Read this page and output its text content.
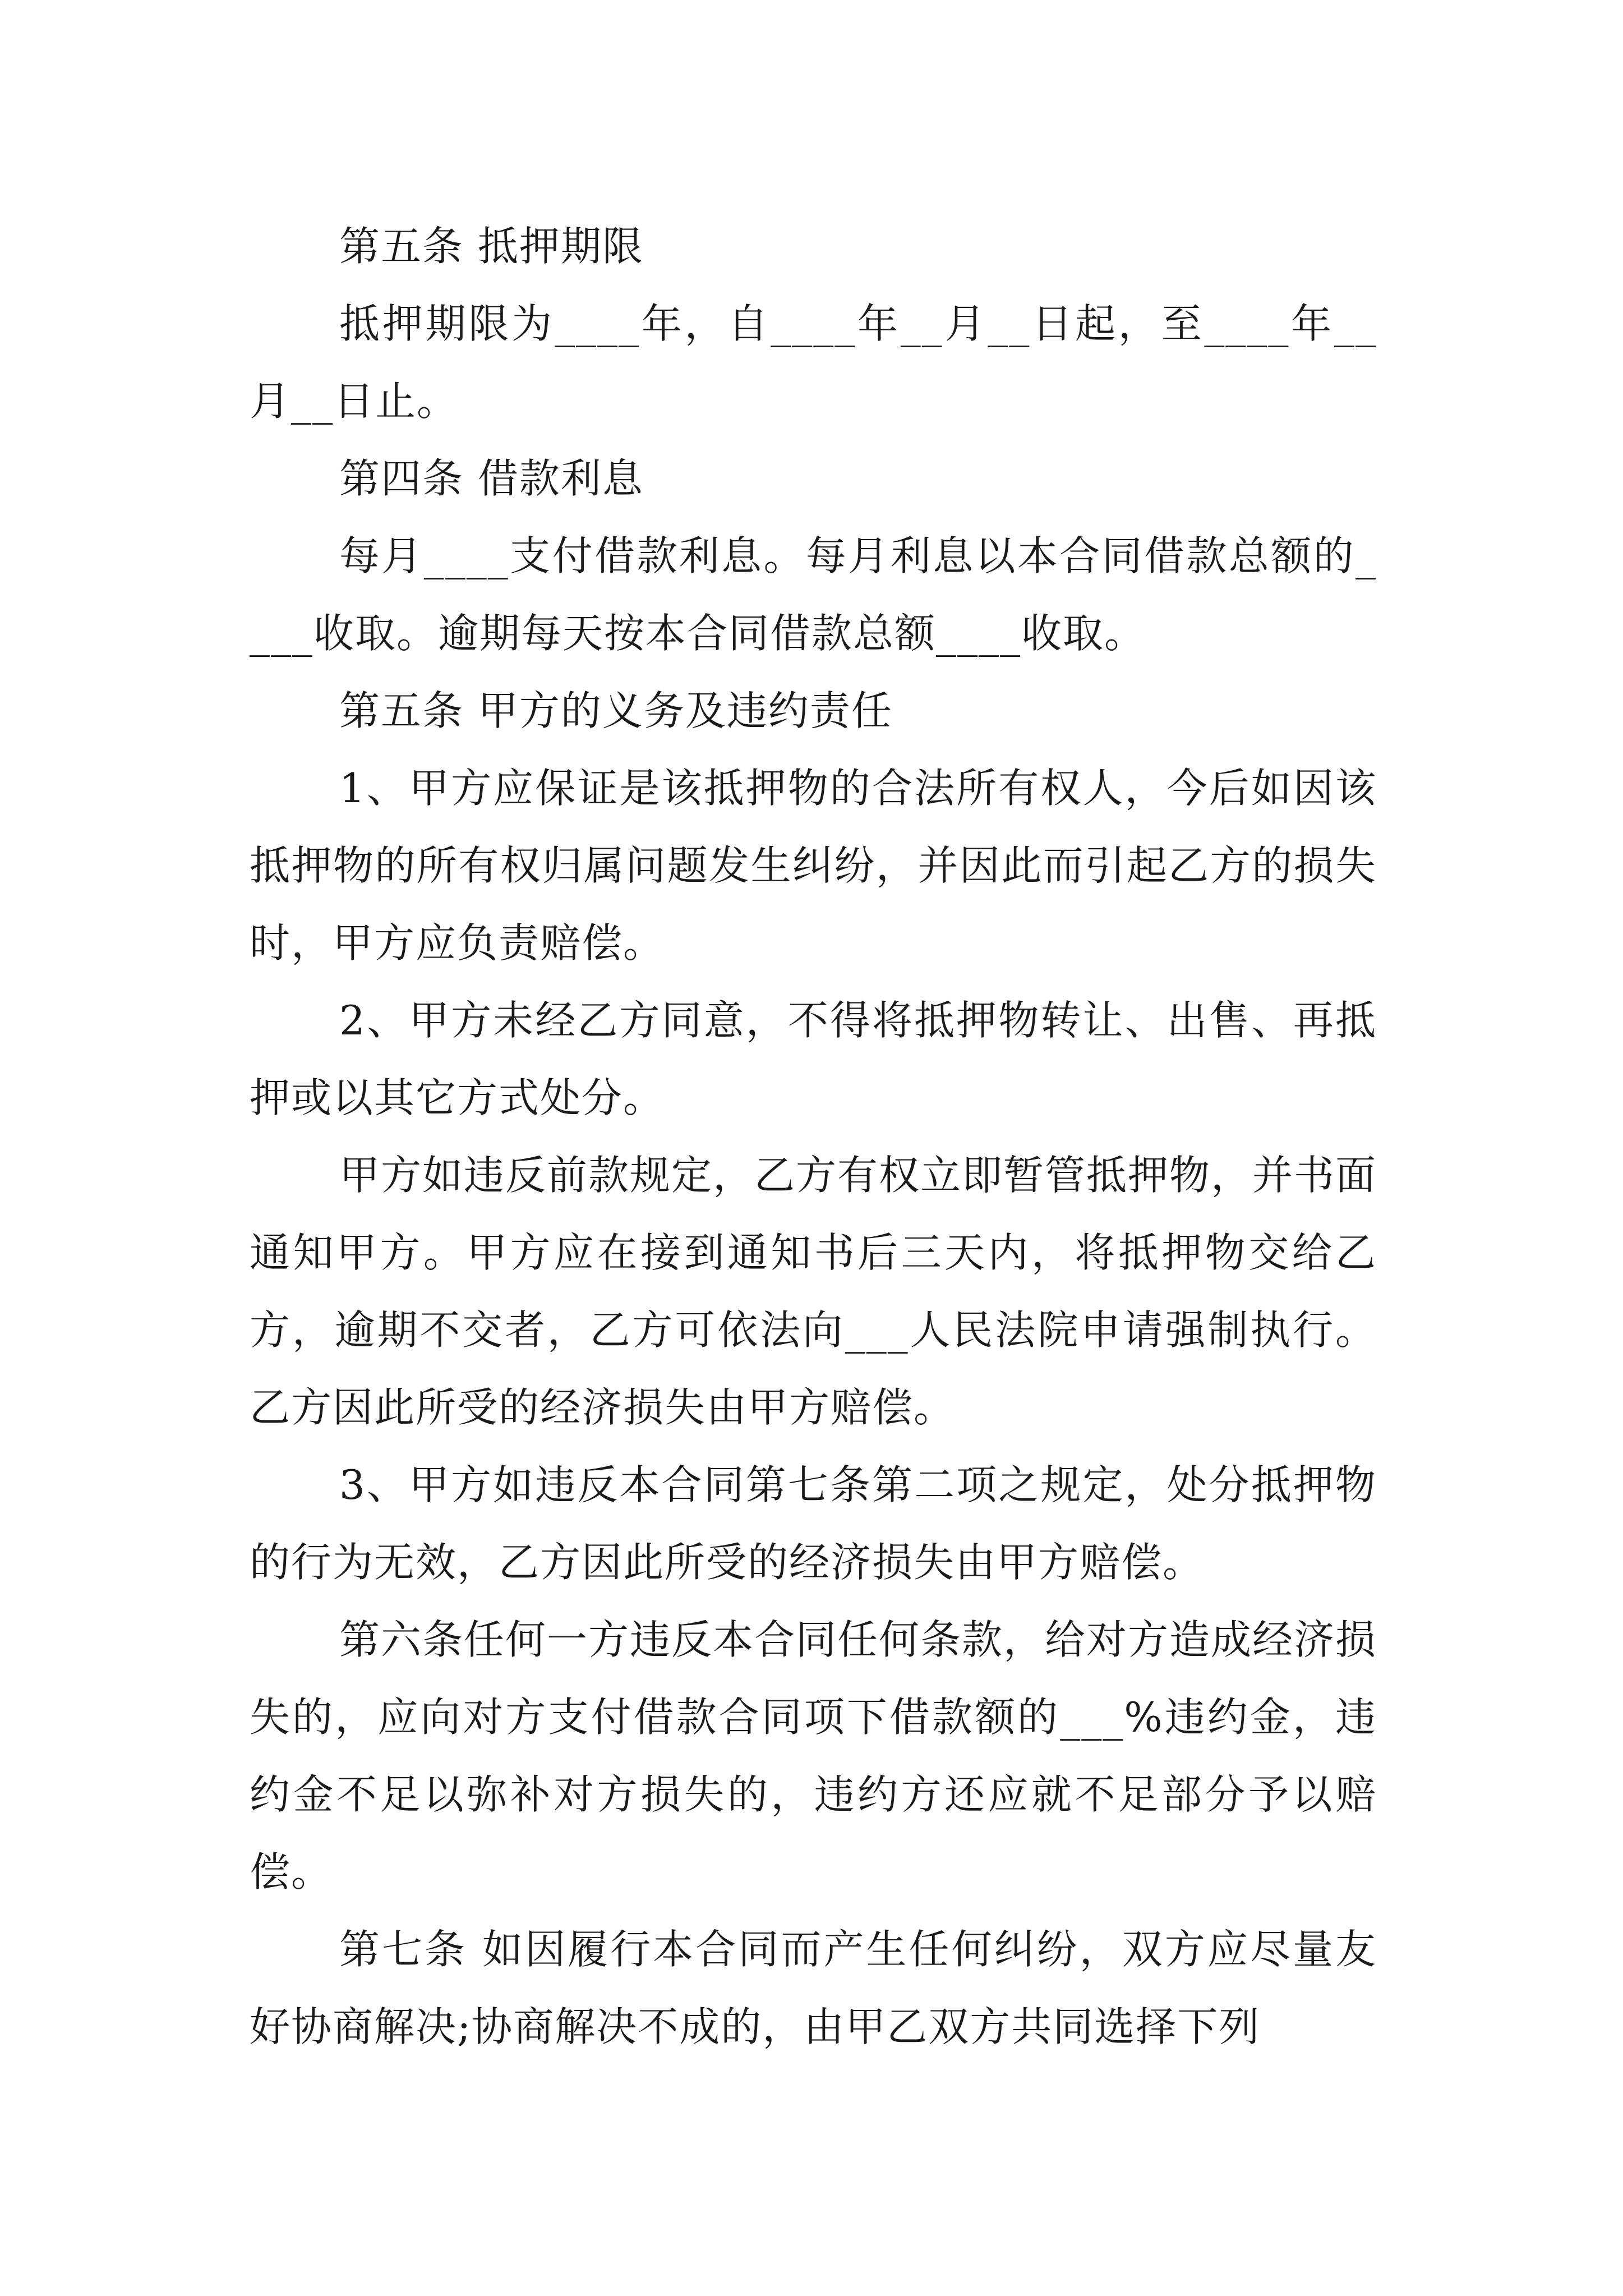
第五条 抵押期限

抵押期限为____年，自____年__月__日起，至____年__月__日止。

第四条 借款利息

每月____支付借款利息。每月利息以本合同借款总额的____收取。逾期每天按本合同借款总额____收取。

第五条 甲方的义务及违约责任

1、甲方应保证是该抵押物的合法所有权人，今后如因该抵押物的所有权归属问题发生纠纷，并因此而引起乙方的损失时，甲方应负责赔偿。

2、甲方未经乙方同意，不得将抵押物转让、出售、再抵押或以其它方式处分。

甲方如违反前款规定，乙方有权立即暂管抵押物，并书面通知甲方。甲方应在接到通知书后三天内，将抵押物交给乙方，逾期不交者，乙方可依法向___人民法院申请强制执行。乙方因此所受的经济损失由甲方赔偿。

3、甲方如违反本合同第七条第二项之规定，处分抵押物的行为无效，乙方因此所受的经济损失由甲方赔偿。

第六条任何一方违反本合同任何条款，给对方造成经济损失的，应向对方支付借款合同项下借款额的___%违约金，违约金不足以弥补对方损失的，违约方还应就不足部分予以赔偿。

第七条 如因履行本合同而产生任何纠纷，双方应尽量友好协商解决;协商解决不成的，由甲乙双方共同选择下列
